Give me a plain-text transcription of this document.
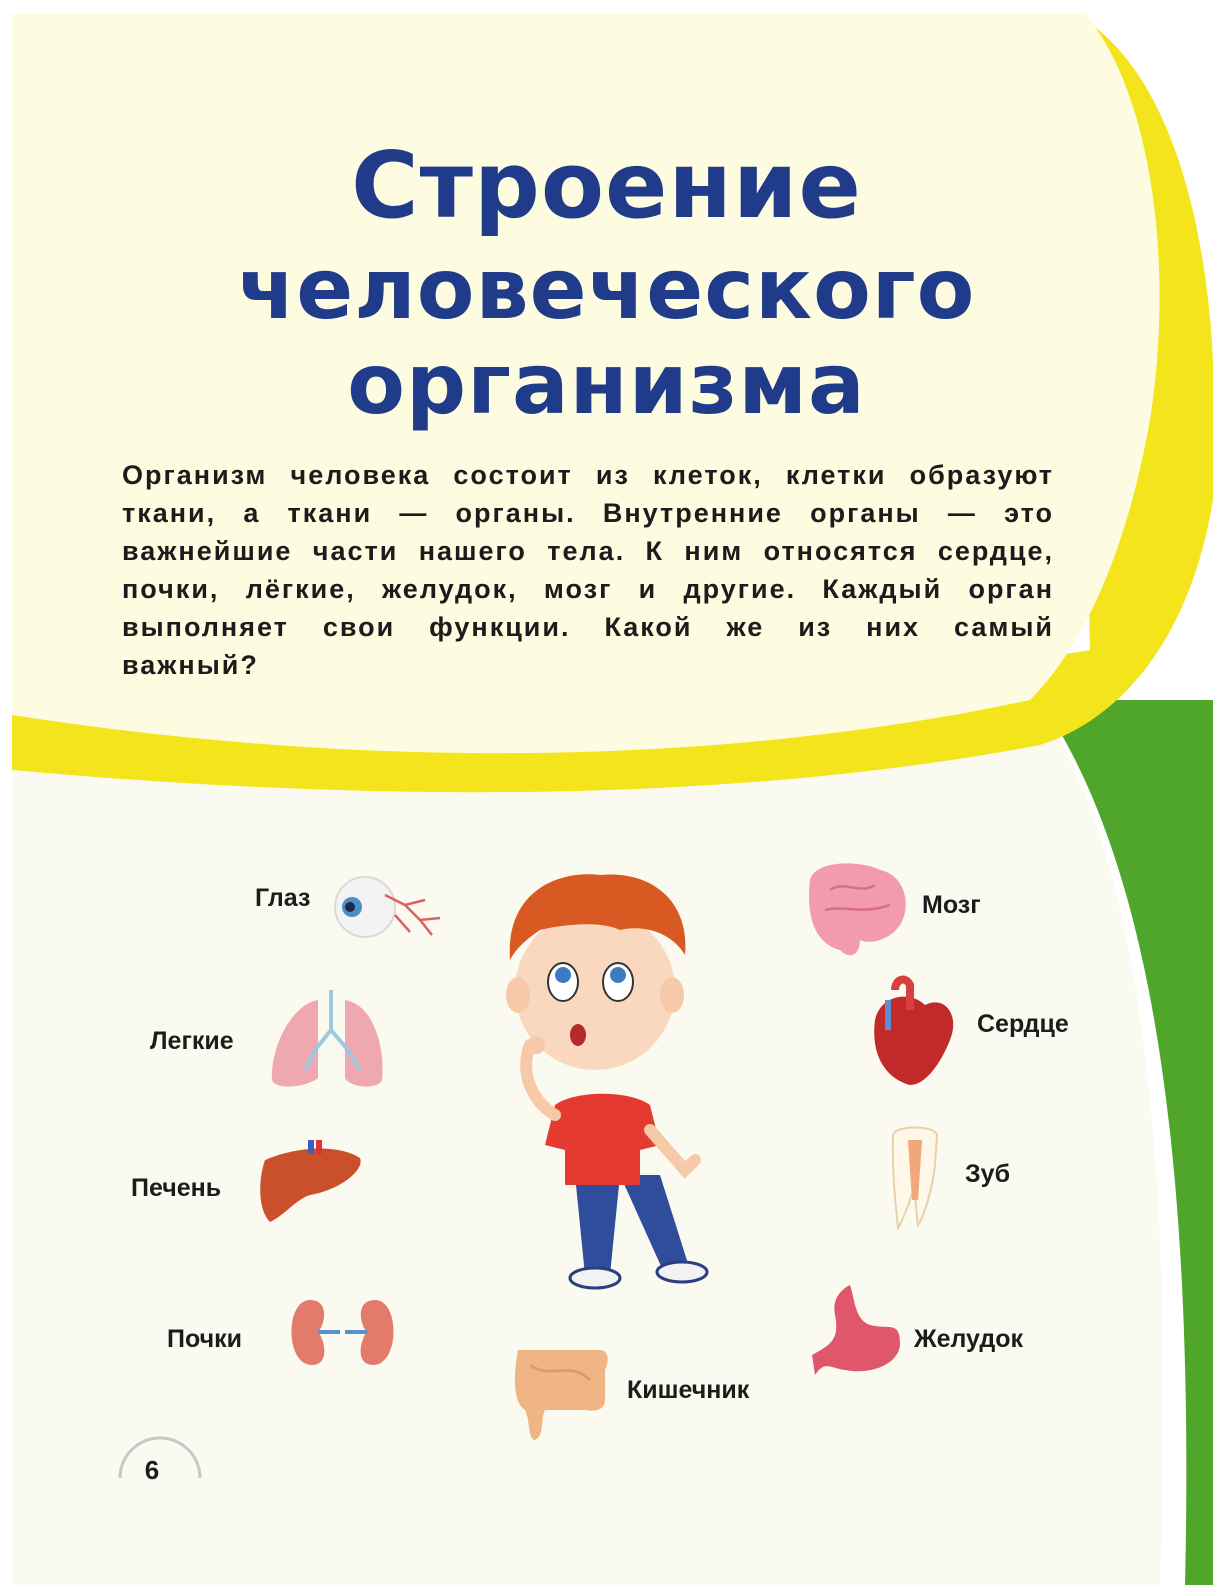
Строение
человеческого
организма
Организм человека состоит из клеток, клетки образуют ткани, а ткани — органы. Внутренние органы — это важнейшие части нашего тела. К ним относятся сердце, почки, лёгкие, желудок, мозг и другие. Каждый орган выполняет свои функции. Какой же из них самый важный?
Глаз
Легкие
Печень
Почки
Кишечник
Мозг
Сердце
Зуб
Желудок
6
